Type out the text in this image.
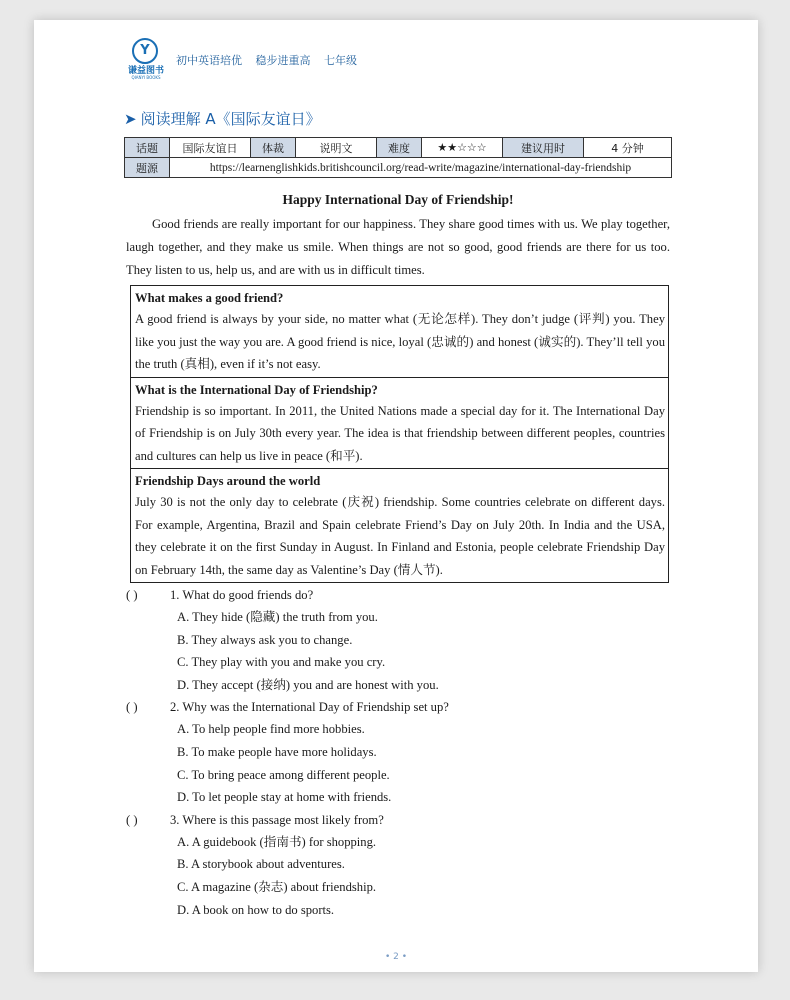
Y
谦益图书
QIANYI BOOKS
初中英语培优 稳步进重高 七年级
➤ 阅读理解 A《国际友谊日》
话题	国际友谊日	体裁	说明文	难度	★★☆☆☆	建议用时	4 分钟
题源	https://learnenglishkids.britishcouncil.org/read-write/magazine/international-day-friendship						
Happy International Day of Friendship!
Good friends are really important for our happiness. They share good times with us. We play together, laugh together, and they make us smile. When things are not so good, good friends are there for us too. They listen to us, help us, and are with us in difficult times.
What makes a good friend?

A good friend is always by your side, no matter what (无论怎样). They don’t judge (评判) you. They like you just the way you are. A good friend is nice, loyal (忠诚的) and honest (诚实的). They’ll tell you the truth (真相), even if it’s not easy.

What is the International Day of Friendship?

Friendship is so important. In 2011, the United Nations made a special day for it. The International Day of Friendship is on July 30th every year. The idea is that friendship between different peoples, countries and cultures can help us live in peace (和平).

Friendship Days around the world

July 30 is not the only day to celebrate (庆祝) friendship. Some countries celebrate on different days. For example, Argentina, Brazil and Spain celebrate Friend’s Day on July 20th. In India and the USA, they celebrate it on the first Sunday in August. In Finland and Estonia, people celebrate Friendship Day on February 14th, the same day as Valentine’s Day (情人节).

( )	1. What do good friends do?
A. They hide (隐藏) the truth from you.
B. They always ask you to change.
C. They play with you and make you cry.
D. They accept (接纳) you and are honest with you.
( )	2. Why was the International Day of Friendship set up?
A. To help people find more hobbies.
B. To make people have more holidays.
C. To bring peace among different people.
D. To let people stay at home with friends.
( )	3. Where is this passage most likely from?
A. A guidebook (指南书) for shopping.
B. A storybook about adventures.
C. A magazine (杂志) about friendship.
D. A book on how to do sports.
• 2 •
